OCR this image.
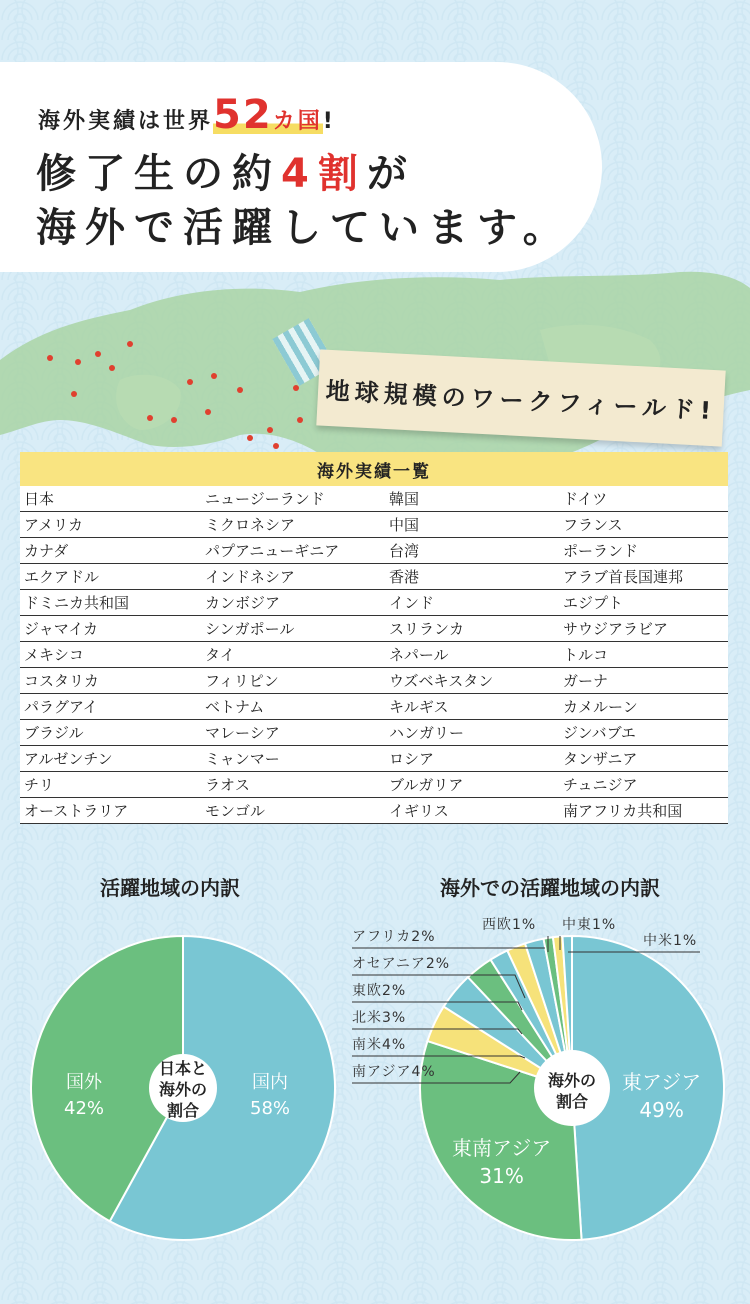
海外実績は世界52カ国!
修了生の約4割が
海外で活躍しています。
地球規模のワークフィールド!
海外実績一覧
日本	ニュージーランド	韓国	ドイツ
アメリカ	ミクロネシア	中国	フランス
カナダ	パプアニューギニア	台湾	ポーランド
エクアドル	インドネシア	香港	アラブ首長国連邦
ドミニカ共和国	カンボジア	インド	エジプト
ジャマイカ	シンガポール	スリランカ	サウジアラビア
メキシコ	タイ	ネパール	トルコ
コスタリカ	フィリピン	ウズベキスタン	ガーナ
パラグアイ	ベトナム	キルギス	カメルーン
ブラジル	マレーシア	ハンガリー	ジンバブエ
アルゼンチン	ミャンマー	ロシア	タンザニア
チリ	ラオス	ブルガリア	チュニジア
オーストラリア	モンゴル	イギリス	南アフリカ共和国
活躍地域の内訳	海外での活躍地域の内訳
国外
42%
国内
58%
日本と
海外の
割合
東アジア
49%
東南アジア
31%
海外の
割合
アフリカ2%
オセアニア2%
東欧2%
北米3%
南米4%
南アジア4%
西欧1% 中東1%
中米1%
